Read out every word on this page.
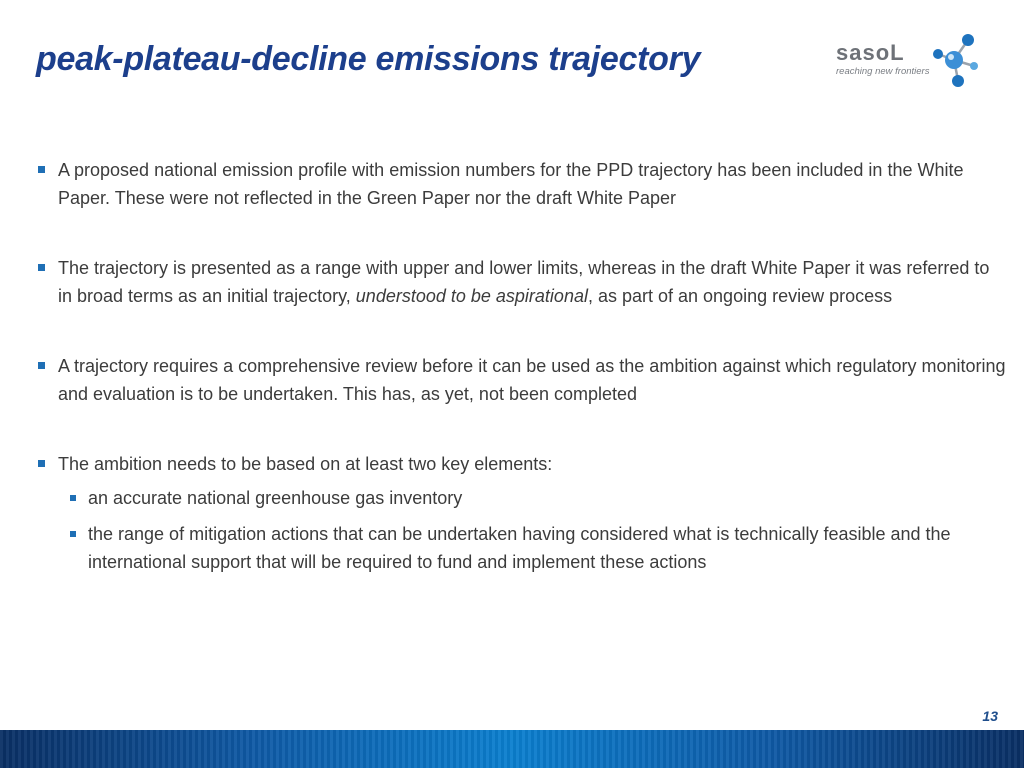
peak-plateau-decline emissions trajectory	sasoL
reaching new frontiers
A proposed national emission profile with emission numbers for the PPD trajectory has been included in the White Paper. These were not reflected in the Green Paper nor the draft White Paper
The trajectory is presented as a range with upper and lower limits, whereas in the draft White Paper it was referred to in broad terms as an initial trajectory, understood to be aspirational, as part of an ongoing review process
A trajectory requires a comprehensive review before it can be used as the ambition against which regulatory monitoring and evaluation is to be undertaken. This has, as yet, not been completed
The ambition needs to be based on at least two key elements:
an accurate national greenhouse gas inventory
the range of mitigation actions that can be undertaken having considered what is technically feasible and the international support that will be required to fund and implement these actions
13
